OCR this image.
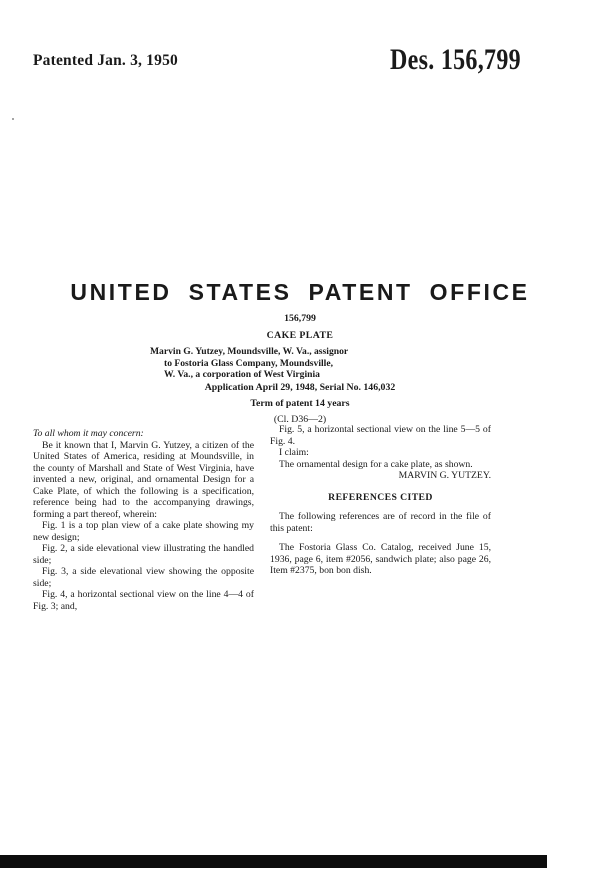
Patented Jan. 3, 1950	Des. 156,799
UNITED STATES PATENT OFFICE
156,799
CAKE PLATE
Marvin G. Yutzey, Moundsville, W. Va., assignor
to Fostoria Glass Company, Moundsville,
W. Va., a corporation of West Virginia
Application April 29, 1948, Serial No. 146,032
Term of patent 14 years
(Cl. D36—2)

To all whom it may concern:

Be it known that I, Marvin G. Yutzey, a citizen of the United States of America, residing at Moundsville, in the county of Marshall and State of West Virginia, have invented a new, original, and ornamental Design for a Cake Plate, of which the following is a specification, reference being had to the accompanying drawings, forming a part thereof, wherein:

Fig. 1 is a top plan view of a cake plate showing my new design;

Fig. 2, a side elevational view illustrating the handled side;

Fig. 3, a side elevational view showing the opposite side;

Fig. 4, a horizontal sectional view on the line 4—4 of Fig. 3; and,

Fig. 5, a horizontal sectional view on the line 5—5 of Fig. 4.

I claim:

The ornamental design for a cake plate, as shown.

MARVIN G. YUTZEY.

REFERENCES CITED

The following references are of record in the file of this patent:

The Fostoria Glass Co. Catalog, received June 15, 1936, page 6, item #2056, sandwich plate; also page 26, Item #2375, bon bon dish.
